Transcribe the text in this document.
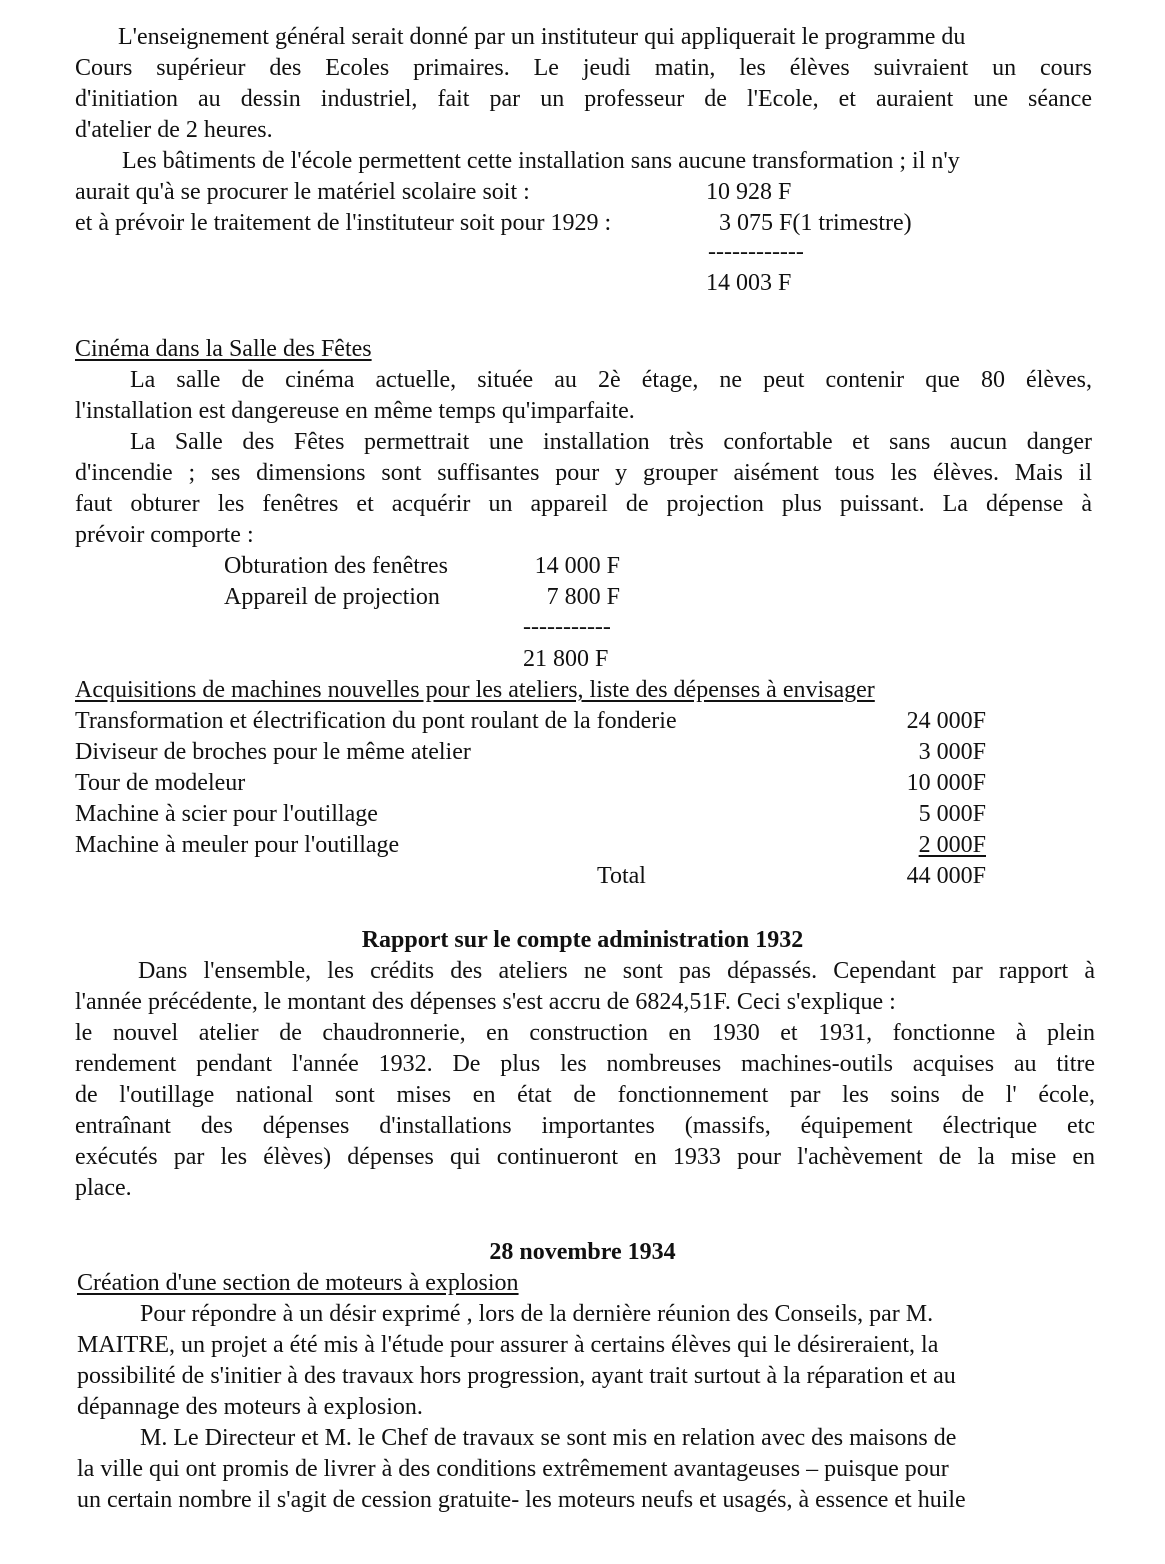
L'enseignement général serait donné par un instituteur qui appliquerait le programme du
Cours supérieur des Ecoles primaires. Le jeudi matin, les élèves suivraient un cours
d'initiation au dessin industriel, fait par un professeur de l'Ecole, et auraient une séance
d'atelier de 2 heures.
Les bâtiments de l'école permettent cette installation sans aucune transformation ; il n'y
aurait qu'à se procurer le matériel scolaire soit :	10 928 F
et à prévoir le traitement de l'instituteur soit pour 1929 :	3 075 F(1 trimestre)
------------
14 003 F
Cinéma dans la Salle des Fêtes
La salle de cinéma actuelle, située au 2è étage, ne peut contenir que 80 élèves,
l'installation est dangereuse en même temps qu'imparfaite.
La Salle des Fêtes permettrait une installation très confortable et sans aucun danger
d'incendie ; ses dimensions sont suffisantes pour y grouper aisément tous les élèves. Mais il
faut obturer les fenêtres et acquérir un appareil de projection plus puissant. La dépense à
prévoir comporte :
Obturation des fenêtres	14 000 F
Appareil de projection	7 800 F
-----------
21 800 F
Acquisitions de machines nouvelles pour les ateliers, liste des dépenses à envisager
Transformation et électrification du pont roulant de la fonderie	24 000F
Diviseur de broches pour le même atelier	3 000F
Tour de modeleur	10 000F
Machine à scier pour l'outillage	5 000F
Machine à meuler pour l'outillage	2 000F
Total	44 000F
Rapport sur le compte administration 1932
Dans l'ensemble, les crédits des ateliers ne sont pas dépassés. Cependant par rapport à
l'année précédente, le montant des dépenses s'est accru de 6824,51F. Ceci s'explique :
le nouvel atelier de chaudronnerie, en construction en 1930 et 1931, fonctionne à plein
rendement pendant l'année 1932. De plus les nombreuses machines-outils acquises au titre
de l'outillage national sont mises en état de fonctionnement par les soins de l' école,
entraînant des dépenses d'installations importantes (massifs, équipement électrique etc
exécutés par les élèves) dépenses qui continueront en 1933 pour l'achèvement de la mise en
place.
28 novembre 1934
Création d'une section de moteurs à explosion
Pour répondre à un désir exprimé , lors de la dernière réunion des Conseils, par M.
MAITRE, un projet a été mis à l'étude pour assurer à certains élèves qui le désireraient, la
possibilité de s'initier à des travaux hors progression, ayant trait surtout à la réparation et au
dépannage des moteurs à explosion.
M. Le Directeur et M. le Chef de travaux se sont mis en relation avec des maisons de
la ville qui ont promis de livrer à des conditions extrêmement avantageuses – puisque pour
un certain nombre il s'agit de cession gratuite- les moteurs neufs et usagés, à essence et huile
